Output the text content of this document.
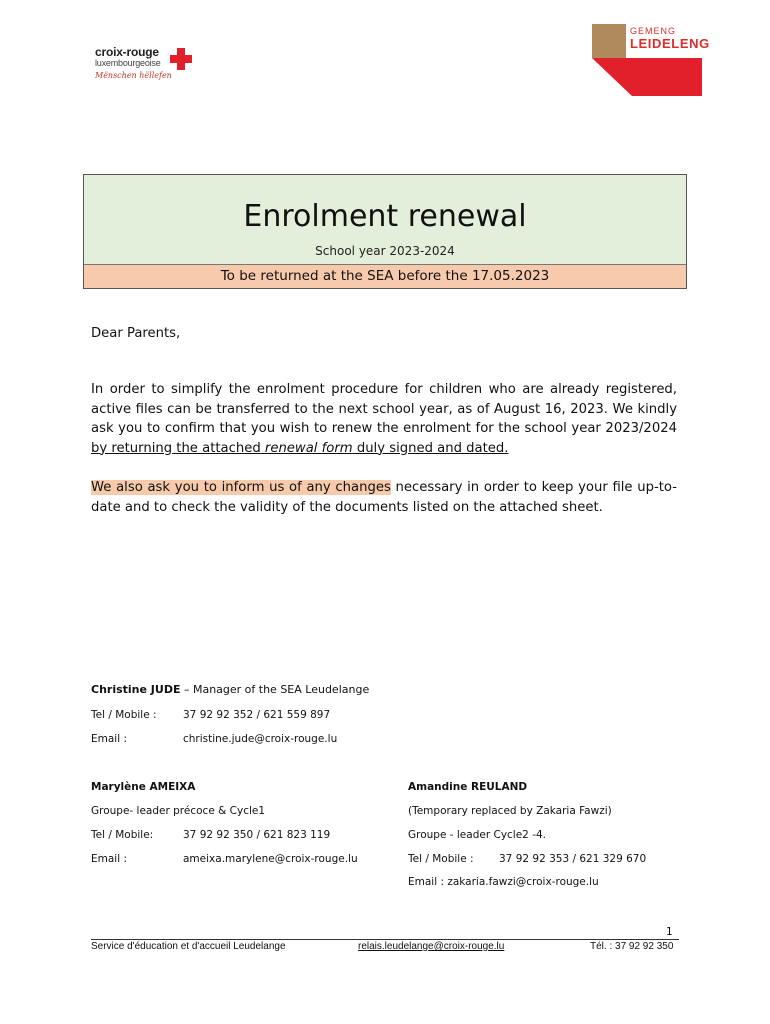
croix-rouge
luxembourgeoise
Mënschen hëllefen
GEMENG
LEIDELENG
Enrolment renewal
School year 2023-2024
To be returned at the SEA before the 17.05.2023
Dear Parents,
In order to simplify the enrolment procedure for children who are already registered, active files can be transferred to the next school year, as of August 16, 2023. We kindly ask you to confirm that you wish to renew the enrolment for the school year 2023/2024 by returning the attached renewal form duly signed and dated.
We also ask you to inform us of any changes necessary in order to keep your file up-to-date and to check the validity of the documents listed on the attached sheet.
Christine JUDE – Manager of the SEA Leudelange
Tel / Mobile :	37 92 92 352 / 621 559 897
Email :	christine.jude@croix-rouge.lu
Marylène AMEIXA
Groupe- leader précoce & Cycle1
Tel / Mobile:	37 92 92 350 / 621 823 119
Email :	ameixa.marylene@croix-rouge.lu
Amandine REULAND
(Temporary replaced by Zakaria Fawzi)
Groupe - leader Cycle2 -4.
Tel / Mobile : 37 92 92 353 / 621 329 670
Email : zakaria.fawzi@croix-rouge.lu
1
Service d'éducation et d'accueil Leudelange	relais.leudelange@croix-rouge.lu	Tél. : 37 92 92 350
